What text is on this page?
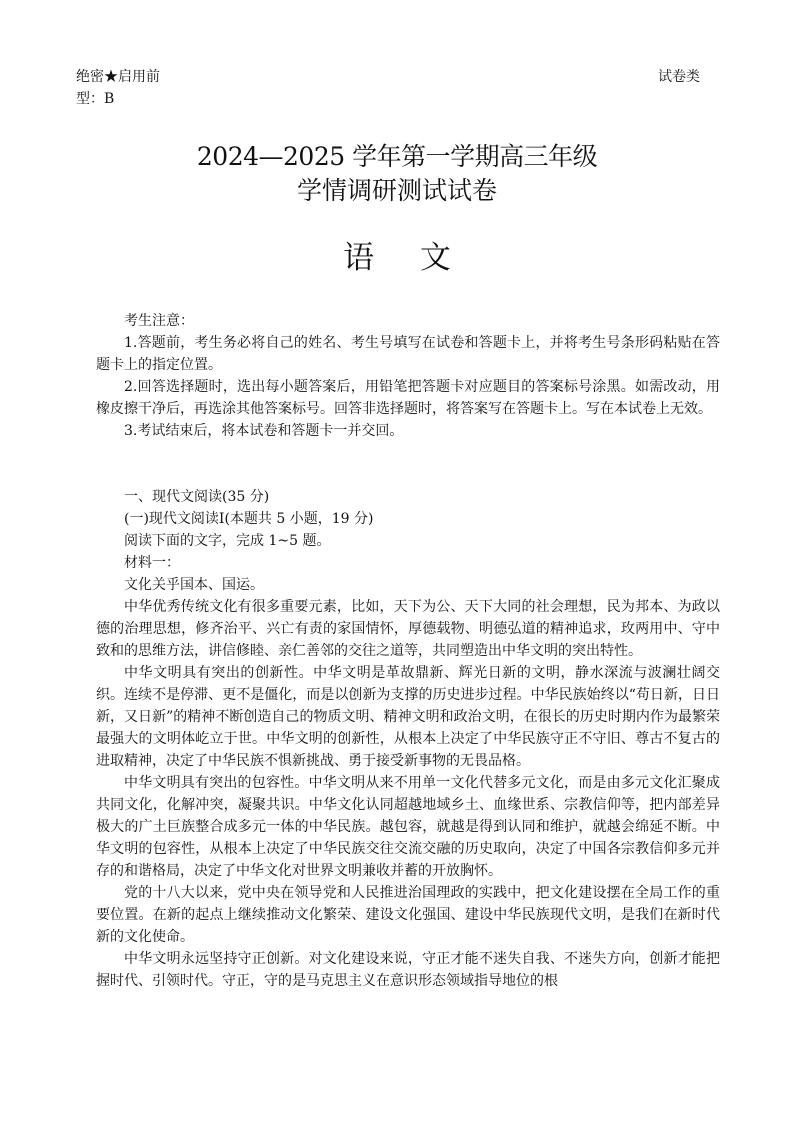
绝密★启用前	试卷类
型：B
2024—2025 学年第一学期高三年级
学情调研测试试卷
语 文

考生注意：

1.答题前，考生务必将自己的姓名、考生号填写在试卷和答题卡上，并将考生号条形码粘贴在答题卡上的指定位置。

2.回答选择题时，选出每小题答案后，用铅笔把答题卡对应题目的答案标号涂黑。如需改动，用橡皮擦干净后，再选涂其他答案标号。回答非选择题时，将答案写在答题卡上。写在本试卷上无效。

3.考试结束后，将本试卷和答题卡一并交回。

一、现代文阅读(35 分)

(一)现代文阅读Ⅰ(本题共 5 小题，19 分)

阅读下面的文字，完成 1~5 题。

材料一：

文化关乎国本、国运。

中华优秀传统文化有很多重要元素，比如，天下为公、天下大同的社会理想，民为邦本、为政以德的治理思想，修齐治平、兴亡有责的家国情怀，厚德载物、明德弘道的精神追求，玫两用中、守中致和的思维方法，讲信修睦、亲仁善邻的交往之道等，共同塑造出中华文明的突出特性。

中华文明具有突出的创新性。中华文明是革故鼎新、辉光日新的文明，静水深流与波澜壮阔交织。连续不是停滞、更不是僵化，而是以创新为支撑的历史进步过程。中华民族始终以“苟日新，日日新，又日新”的精神不断创造自己的物质文明、精神文明和政治文明，在很长的历史时期内作为最繁荣最强大的文明体屹立于世。中华文明的创新性，从根本上决定了中华民族守正不守旧、尊古不复古的进取精神，决定了中华民族不惧新挑战、勇于接受新事物的无畏品格。

中华文明具有突出的包容性。中华文明从来不用单一文化代替多元文化，而是由多元文化汇聚成共同文化，化解冲突，凝聚共识。中华文化认同超越地域乡土、血缘世系、宗教信仰等，把内部差异极大的广土巨族整合成多元一体的中华民族。越包容，就越是得到认同和维护，就越会绵延不断。中华文明的包容性，从根本上决定了中华民族交往交流交融的历史取向，决定了中国各宗教信仰多元并存的和谐格局，决定了中华文化对世界文明兼收并蓄的开放胸怀。

党的十八大以来，党中央在领导党和人民推进治国理政的实践中，把文化建设摆在全局工作的重要位置。在新的起点上继续推动文化繁荣、建设文化强国、建设中华民族现代文明，是我们在新时代新的文化使命。

中华文明永远坚持守正创新。对文化建设来说，守正才能不迷失自我、不迷失方向，创新才能把握时代、引领时代。守正，守的是马克思主义在意识形态领域指导地位的根
